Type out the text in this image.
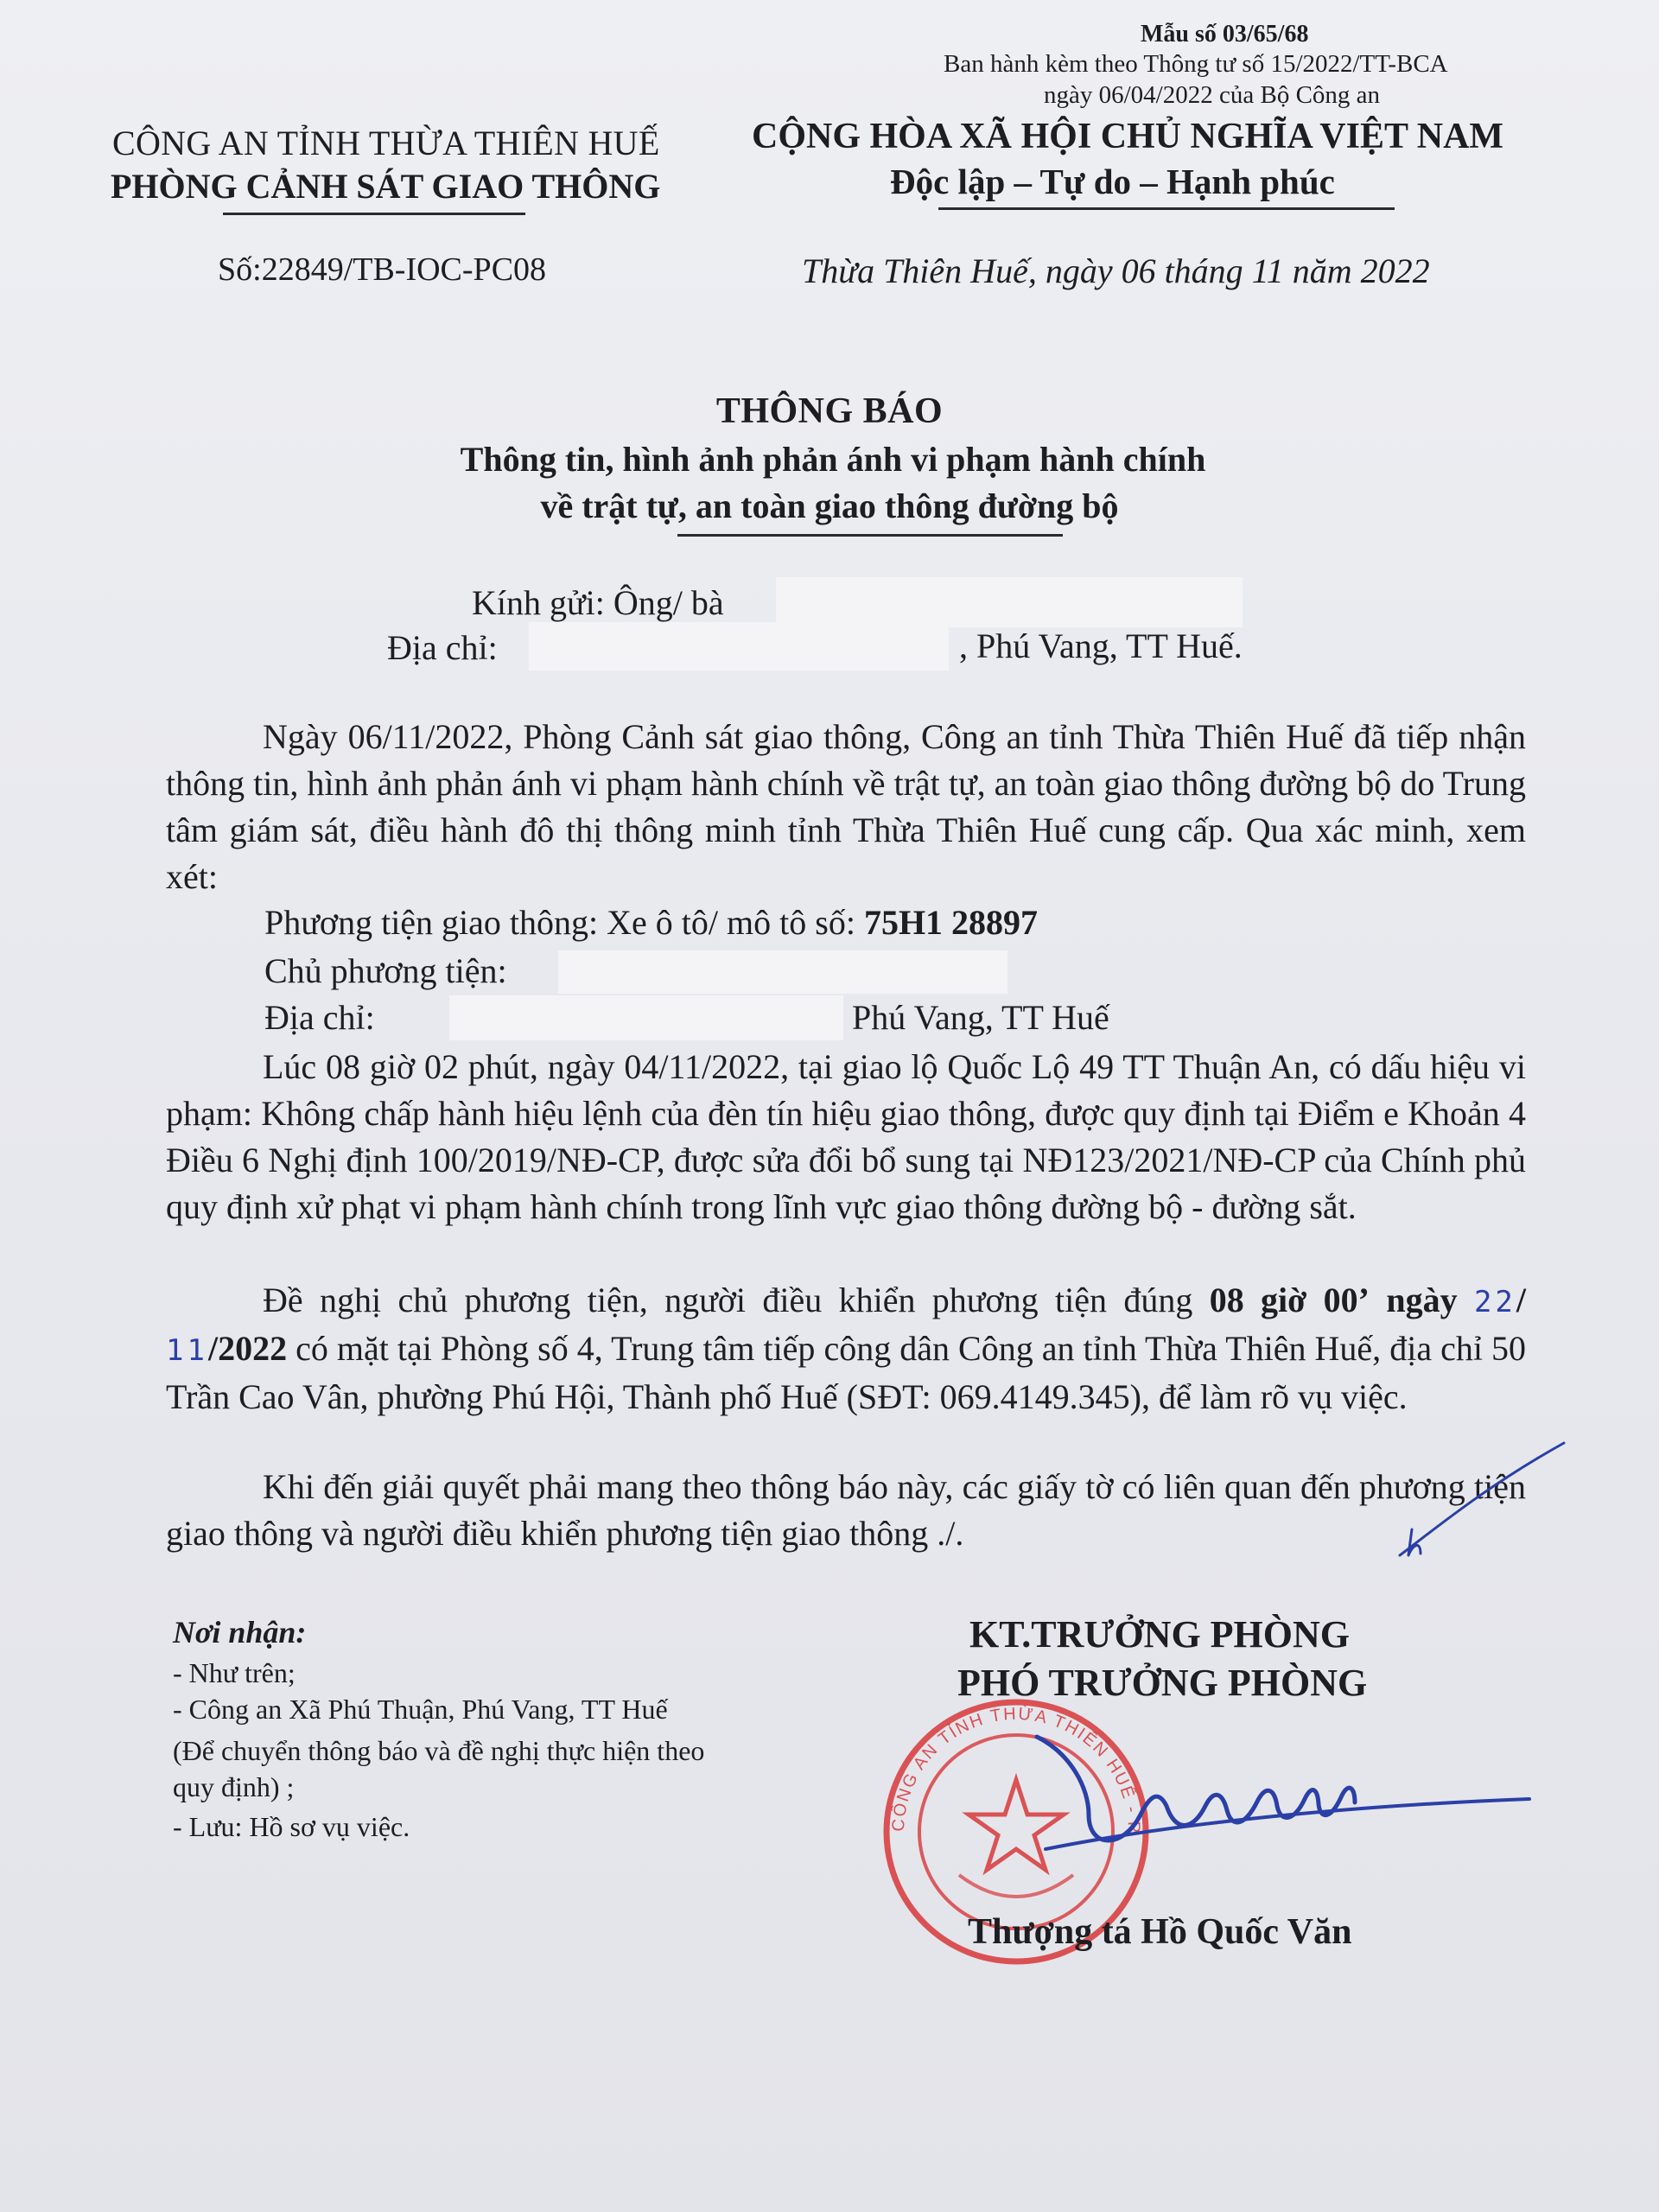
Mẫu số 03/65/68
Ban hành kèm theo Thông tư số 15/2022/TT-BCA
ngày 06/04/2022 của Bộ Công an
CÔNG AN TỈNH THỪA THIÊN HUẾ
PHÒNG CẢNH SÁT GIAO THÔNG
Số:22849/TB-IOC-PC08
CỘNG HÒA XÃ HỘI CHỦ NGHĨA VIỆT NAM
Độc lập – Tự do – Hạnh phúc
Thừa Thiên Huế, ngày 06 tháng 11 năm 2022
THÔNG BÁO
Thông tin, hình ảnh phản ánh vi phạm hành chính
về trật tự, an toàn giao thông đường bộ
Kính gửi: Ông/ bà
Địa chỉ:	, Phú Vang, TT Huế.
Ngày 06/11/2022, Phòng Cảnh sát giao thông, Công an tỉnh Thừa Thiên Huế đã tiếp nhận thông tin, hình ảnh phản ánh vi phạm hành chính về trật tự, an toàn giao thông đường bộ do Trung tâm giám sát, điều hành đô thị thông minh tỉnh Thừa Thiên Huế cung cấp. Qua xác minh, xem xét:
Phương tiện giao thông: Xe ô tô/ mô tô số: 75H1 28897
Chủ phương tiện:
Địa chỉ:	Phú Vang, TT Huế
Lúc 08 giờ 02 phút, ngày 04/11/2022, tại giao lộ Quốc Lộ 49 TT Thuận An, có dấu hiệu vi phạm: Không chấp hành hiệu lệnh của đèn tín hiệu giao thông, được quy định tại Điểm e Khoản 4 Điều 6 Nghị định 100/2019/NĐ-CP, được sửa đổi bổ sung tại NĐ123/2021/NĐ-CP của Chính phủ quy định xử phạt vi phạm hành chính trong lĩnh vực giao thông đường bộ - đường sắt.
Đề nghị chủ phương tiện, người điều khiển phương tiện đúng 08 giờ 00’ ngày 22/ 11/2022 có mặt tại Phòng số 4, Trung tâm tiếp công dân Công an tỉnh Thừa Thiên Huế, địa chỉ 50 Trần Cao Vân, phường Phú Hội, Thành phố Huế (SĐT: 069.4149.345), để làm rõ vụ việc.
Khi đến giải quyết phải mang theo thông báo này, các giấy tờ có liên quan đến phương tiện giao thông và người điều khiển phương tiện giao thông ./.
Nơi nhận:
- Như trên;
- Công an Xã Phú Thuận, Phú Vang, TT Huế
(Để chuyển thông báo và đề nghị thực hiện theo
quy định) ;
- Lưu: Hồ sơ vụ việc.	CÔNG AN TỈNH THỪA THIÊN HUẾ - PHÒNG CẢNH SÁT GIAO THÔNG
KT.TRƯỞNG PHÒNG
PHÓ TRƯỞNG PHÒNG
Thượng tá Hồ Quốc Văn
